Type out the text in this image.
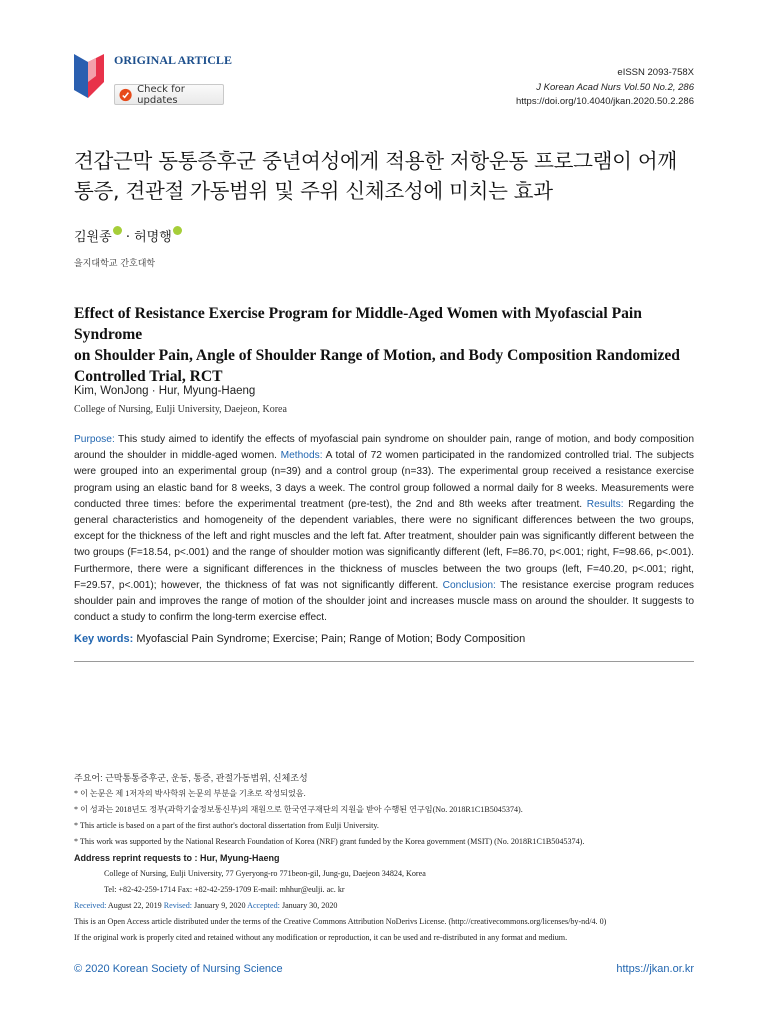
ORIGINAL ARTICLE
Check for updates
eISSN 2093-758X
J Korean Acad Nurs Vol.50 No.2, 286
https://doi.org/10.4040/jkan.2020.50.2.286
견갑근막 동통증후군 중년여성에게 적용한 저항운동 프로그램이 어깨
통증, 견관절 가동범위 및 주위 신체조성에 미치는 효과
김원종 · 허명행
을지대학교 간호대학
Effect of Resistance Exercise Program for Middle-Aged Women with Myofascial Pain Syndrome
on Shoulder Pain, Angle of Shoulder Range of Motion, and Body Composition Randomized
Controlled Trial, RCT
Kim, WonJong · Hur, Myung-Haeng
College of Nursing, Eulji University, Daejeon, Korea
Purpose: This study aimed to identify the effects of myofascial pain syndrome on shoulder pain, range of motion, and body composition around the shoulder in middle-aged women. Methods: A total of 72 women participated in the randomized controlled trial. The subjects were grouped into an experimental group (n=39) and a control group (n=33). The experimental group received a resistance exercise program using an elastic band for 8 weeks, 3 days a week. The control group followed a normal daily for 8 weeks. Measurements were conducted three times: before the experimental treatment (pre-test), the 2nd and 8th weeks after treatment. Results: Regarding the general characteristics and homogeneity of the dependent variables, there were no significant differences between the two groups, except for the thickness of the left and right muscles and the left fat. After treatment, shoulder pain was significantly different between the two groups (F=18.54, p<.001) and the range of shoulder motion was significantly different (left, F=86.70, p<.001; right, F=98.66, p<.001). Furthermore, there were a significant differences in the thickness of muscles between the two groups (left, F=40.20, p<.001; right, F=29.57, p<.001); however, the thickness of fat was not significantly different. Conclusion: The resistance exercise program reduces shoulder pain and improves the range of motion of the shoulder joint and increases muscle mass on around the shoulder. It suggests to conduct a study to confirm the long-term exercise effect.
Key words: Myofascial Pain Syndrome; Exercise; Pain; Range of Motion; Body Composition
주요어: 근막통통증후군, 운동, 통증, 관절가동범위, 신체조성
* 이 논문은 제 1저자의 박사학위 논문의 부분을 기초로 작성되었음.
* 이 성과는 2018년도 정부(과학기술정보통신부)의 재원으로 한국연구재단의 지원을 받아 수행된 연구임(No. 2018R1C1B5045374).
* This article is based on a part of the first author's doctoral dissertation from Eulji University.
* This work was supported by the National Research Foundation of Korea (NRF) grant funded by the Korea government (MSIT) (No. 2018R1C1B5045374).
Address reprint requests to : Hur, Myung-Haeng
College of Nursing, Eulji University, 77 Gyeryong-ro 771beon-gil, Jung-gu, Daejeon 34824, Korea
Tel: +82-42-259-1714 Fax: +82-42-259-1709 E-mail: mhhur@eulji. ac. kr
Received: August 22, 2019 Revised: January 9, 2020 Accepted: January 30, 2020
This is an Open Access article distributed under the terms of the Creative Commons Attribution NoDerivs License. (http://creativecommons.org/licenses/by-nd/4. 0)
If the original work is properly cited and retained without any modification or reproduction, it can be used and re-distributed in any format and medium.
© 2020 Korean Society of Nursing Science	https://jkan.or.kr
